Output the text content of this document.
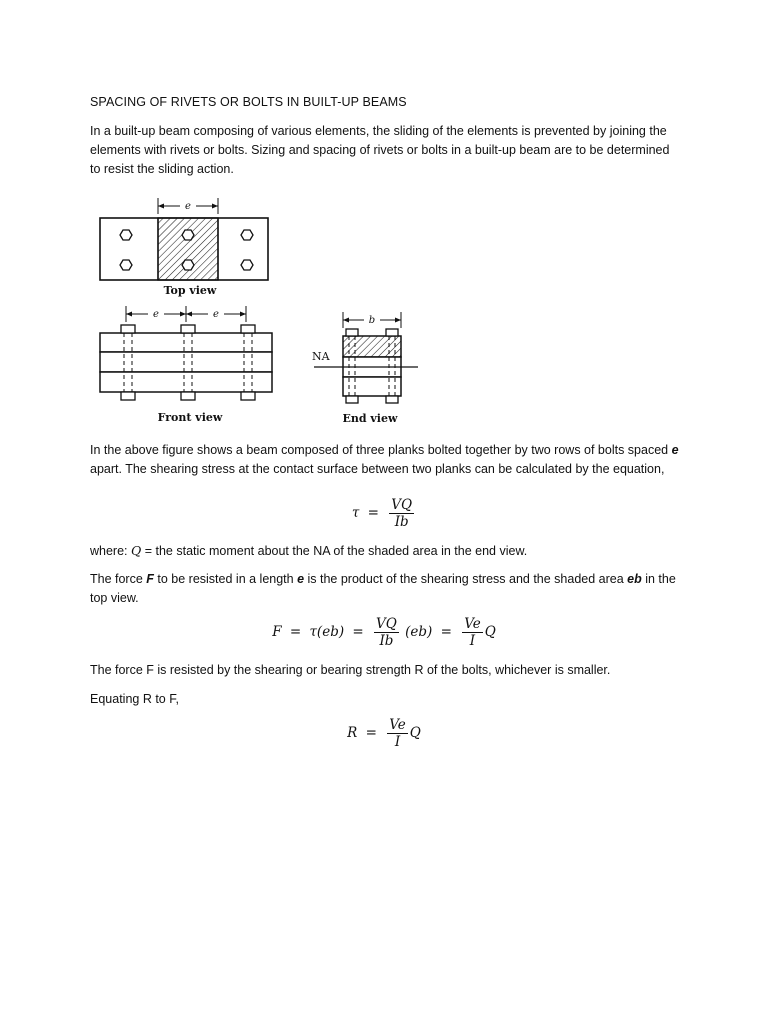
SPACING OF RIVETS OR BOLTS IN BUILT-UP BEAMS
In a built-up beam composing of various elements, the sliding of the elements is prevented by joining the elements with rivets or bolts. Sizing and spacing of rivets or bolts in a built-up beam are to be determined to resist the sliding action.
e
Top view
e	e
Front view
b
NA
End view
In the above figure shows a beam composed of three planks bolted together by two rows of bolts spaced e apart. The shearing stress at the contact surface between two planks can be calculated by the equation,
$\tau = \frac{VQ}{Ib}$
where: Q = the static moment about the NA of the shaded area in the end view.
The force F to be resisted in a length e is the product of the shearing stress and the shaded area eb in the top view.
$F = \tau(eb) = \frac{VQ}{Ib} (eb) = \frac{Ve}{I}$ Q
The force F is resisted by the shearing or bearing strength R of the bolts, whichever is smaller.
Equating R to F,
$R = \frac{Ve}{I}$ Q
